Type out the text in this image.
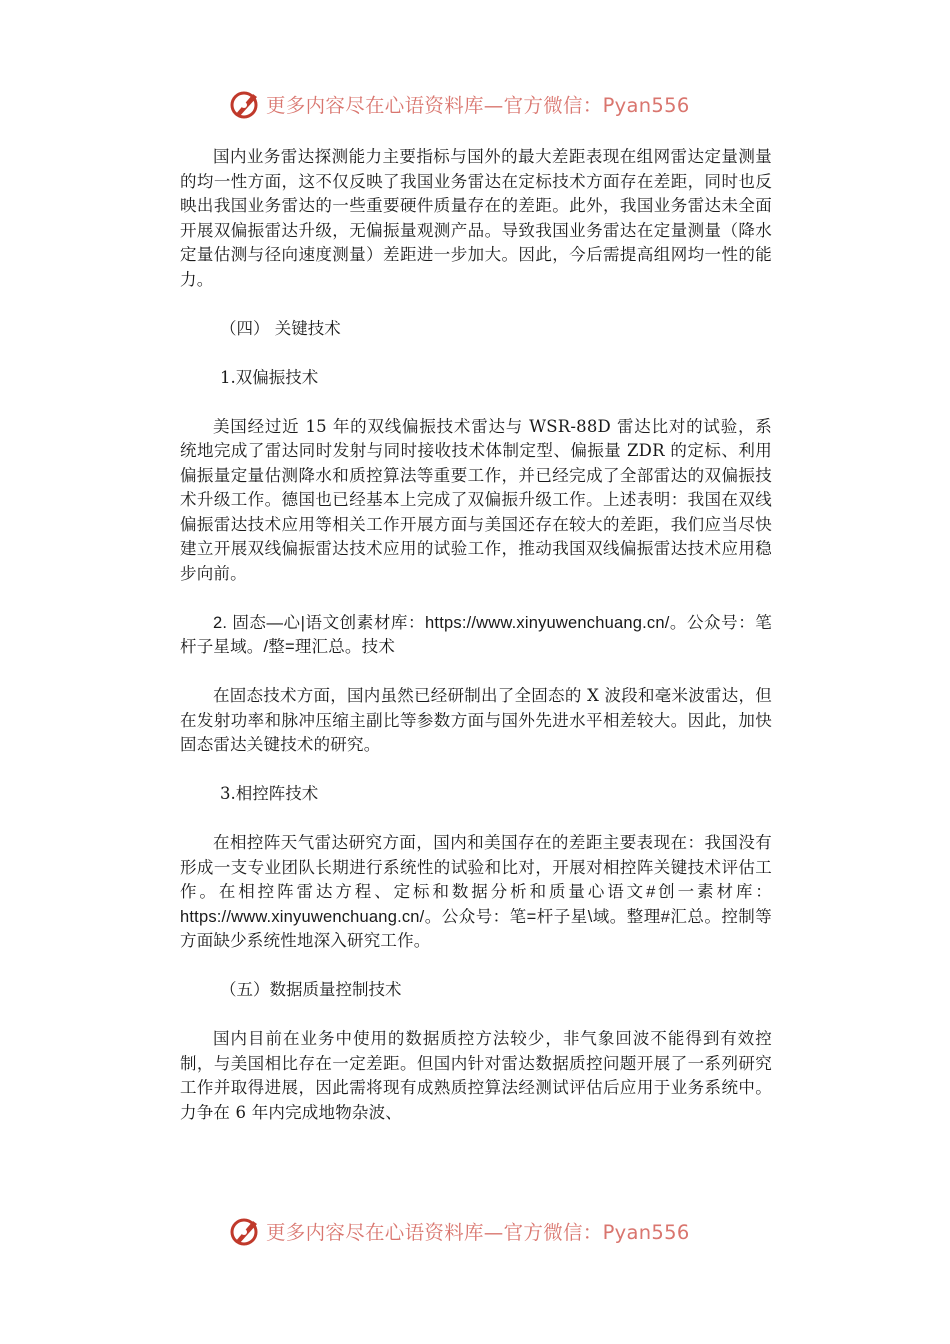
更多内容尽在心语资料库—官方微信：Pyan556

国内业务雷达探测能力主要指标与国外的最大差距表现在组网雷达定量测量的均一性方面，这不仅反映了我国业务雷达在定标技术方面存在差距，同时也反映出我国业务雷达的一些重要硬件质量存在的差距。此外，我国业务雷达未全面开展双偏振雷达升级，无偏振量观测产品。导致我国业务雷达在定量测量（降水定量估测与径向速度测量）差距进一步加大。因此，今后需提高组网均一性的能力。

（四） 关键技术

1.双偏振技术

美国经过近 15 年的双线偏振技术雷达与 WSR-88D 雷达比对的试验，系统地完成了雷达同时发射与同时接收技术体制定型、偏振量 ZDR 的定标、利用偏振量定量估测降水和质控算法等重要工作，并已经完成了全部雷达的双偏振技术升级工作。德国也已经基本上完成了双偏振升级工作。上述表明：我国在双线偏振雷达技术应用等相关工作开展方面与美国还存在较大的差距，我们应当尽快建立开展双线偏振雷达技术应用的试验工作，推动我国双线偏振雷达技术应用稳步向前。

2. 固态—心|语文创素材库：https://www.xinyuwenchuang.cn/。公众号：笔杆子星域。/整=理汇总。技术

在固态技术方面，国内虽然已经研制出了全固态的 X 波段和毫米波雷达，但在发射功率和脉冲压缩主副比等参数方面与国外先进水平相差较大。因此，加快固态雷达关键技术的研究。

3.相控阵技术

在相控阵天气雷达研究方面，国内和美国存在的差距主要表现在：我国没有形成一支专业团队长期进行系统性的试验和比对，开展对相控阵关键技术评估工作。在相控阵雷达方程、定标和数据分析和质量心语文#创一素材库：https://www.xinyuwenchuang.cn/。公众号：笔=杆子星\域。整理#汇总。控制等方面缺少系统性地深入研究工作。

（五）数据质量控制技术

国内目前在业务中使用的数据质控方法较少，非气象回波不能得到有效控制，与美国相比存在一定差距。但国内针对雷达数据质控问题开展了一系列研究工作并取得进展，因此需将现有成熟质控算法经测试评估后应用于业务系统中。力争在 6 年内完成地物杂波、

更多内容尽在心语资料库—官方微信：Pyan556
